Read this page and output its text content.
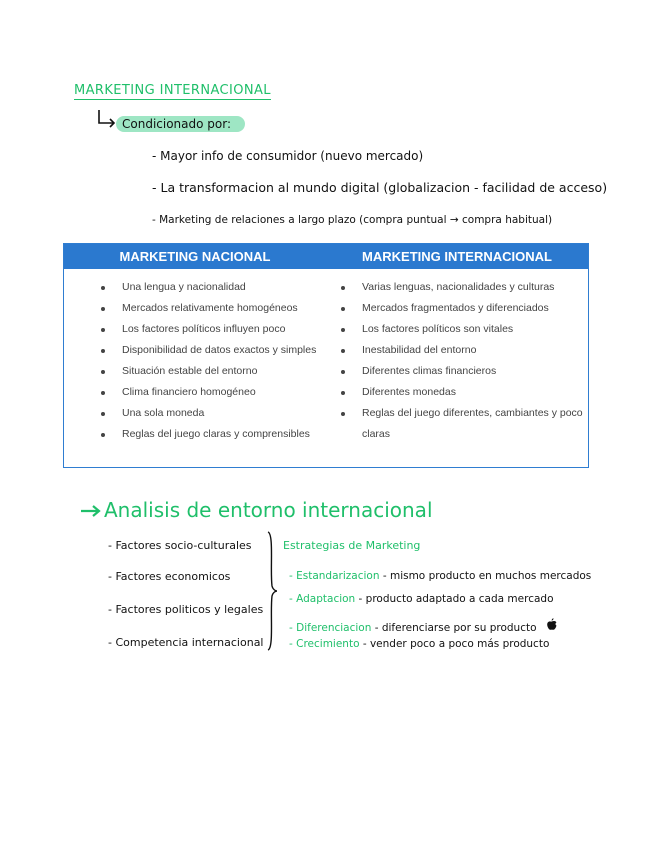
MARKETING INTERNACIONAL
Condicionado por:
- Mayor info de consumidor (nuevo mercado)
- La transformacion al mundo digital (globalizacion - facilidad de acceso)
- Marketing de relaciones a largo plazo (compra puntual → compra habitual)
MARKETING NACIONAL	MARKETING INTERNACIONAL
Una lengua y nacionalidad
Mercados relativamente homogéneos
Los factores políticos influyen poco
Disponibilidad de datos exactos y simples
Situación estable del entorno
Clima financiero homogéneo
Una sola moneda
Reglas del juego claras y comprensibles
Varias lenguas, nacionalidades y culturas
Mercados fragmentados y diferenciados
Los factores políticos son vitales
Inestabilidad del entorno
Diferentes climas financieros
Diferentes monedas
Reglas del juego diferentes, cambiantes y poco claras
Analisis de entorno internacional
- Factores socio-culturales
- Factores economicos
- Factores politicos y legales
- Competencia internacional
Estrategias de Marketing
- Estandarizacion - mismo producto en muchos mercados
- Adaptacion - producto adaptado a cada mercado
- Diferenciacion - diferenciarse por su producto
- Crecimiento - vender poco a poco más producto
